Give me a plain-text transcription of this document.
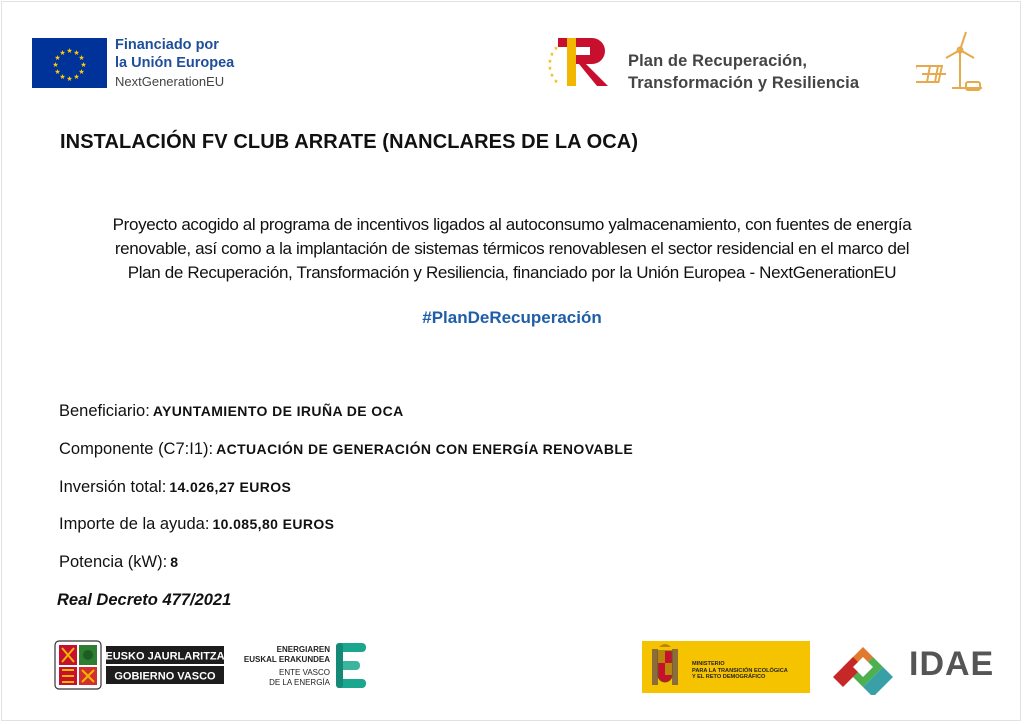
★ ★
★
★
★
★
★
★
★
★
★
★	Financiado por
la Unión Europea
NextGenerationEU
★
★
★
★
★
★
Plan de Recuperación,
Transformación y Resiliencia
INSTALACIÓN FV CLUB ARRATE (NANCLARES DE LA OCA)
Proyecto acogido al programa de incentivos ligados al autoconsumo yalmacenamiento, con fuentes de energía
renovable, así como a la implantación de sistemas térmicos renovablesen el sector residencial en el marco del
Plan de Recuperación, Transformación y Resiliencia, financiado por la Unión Europea - NextGenerationEU
#PlanDeRecuperación
Beneficiario: AYUNTAMIENTO DE IRUÑA DE OCA
Componente (C7:I1): ACTUACIÓN DE GENERACIÓN CON ENERGÍA RENOVABLE
Inversión total: 14.026,27 EUROS
Importe de la ayuda: 10.085,80 EUROS
Potencia (kW): 8
Real Decreto 477/2021
EUSKO JAURLARITZA
GOBIERNO VASCO
ENERGIAREN
EUSKAL ERAKUNDEA
ENTE VASCO
DE LA ENERGÍA
MINISTERIO
PARA LA TRANSICIÓN ECOLÓGICA
Y EL RETO DEMOGRÁFICO	IDAE
